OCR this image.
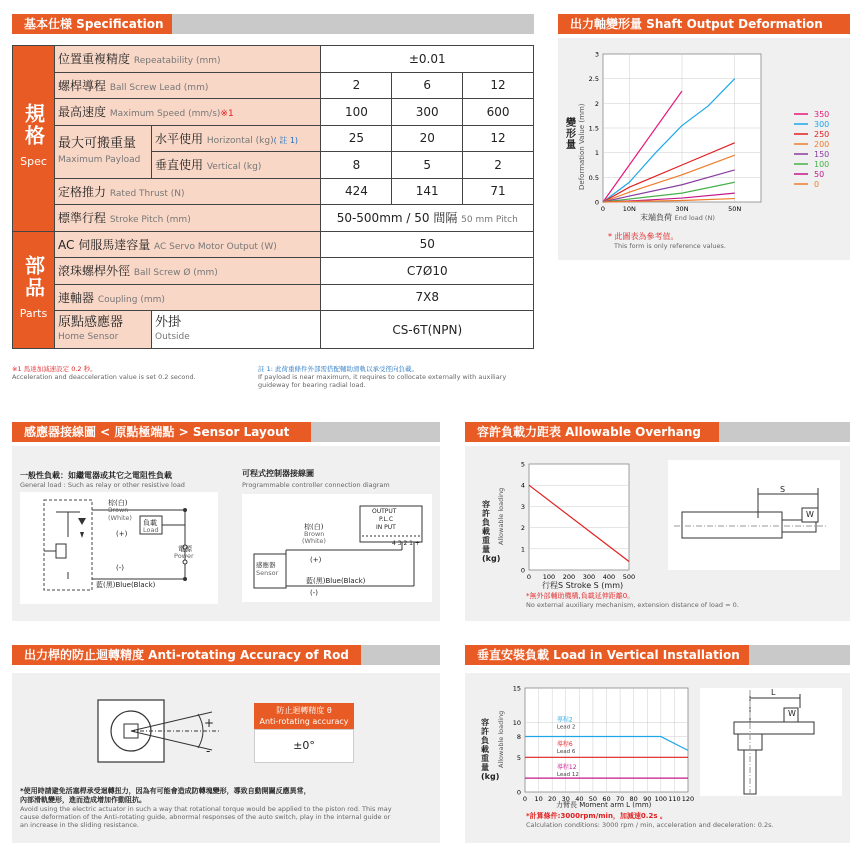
基本仕様 Specification
規格
Spec	位置重複精度 Repeatability (mm)		±0.01		
	螺桿導程 Ball Screw Lead (mm)		2	6	12
	最高速度 Maximum Speed (mm/s)※1		100	300	600
	最大可搬重量
Maximum Payload	水平使用 Horizontal (kg)( 註 1)	25	20	12
		垂直使用 Vertical (kg)	8	5	2
	定格推力 Rated Thrust (N)		424	141	71
	標準行程 Stroke Pitch (mm)		50-500mm / 50 間隔 50 mm Pitch		
部品
Parts	AC 伺服馬達容量 AC Servo Motor Output (W)		50		
	滾珠螺桿外徑 Ball Screw Ø (mm)		C7Ø10		
	連軸器 Coupling (mm)		7X8		
	原點感應器
Home Sensor	外掛
Outside	CS-6T(NPN)		
※1 馬達加減速設定 0.2 秒。
Acceleration and deacceleration value is set 0.2 second.
註 1: 此荷重條件外部需搭配輔助滑軌以承受徑向負載。
If payload is near maximum, it requires to collocate externally with auxiliary
guideway for bearing radial load.
出力軸變形量 Shaft Output Deformation
0
0.5
1
1.5
2
2.5
3
0	10N	30N	50N
350
300
250
200
150
100
50
0
變形量 Deformation Value (mm)
末端負荷 End load (N)
* 此圖表為參考值。
This form is only reference values.
感應器接線圖 < 原點極端點 > Sensor Layout
一般性負載：如繼電器或其它之電阻性負載
General load : Such as relay or other resistive load
可程式控制器接線圖
Programmable controller connection diagram
棕(白)
Brown
(White)
負載
Load
(+)
(-)
電源
Power
藍(黑)Blue(Black)
感應器
Sensor
OUTPUT
P.L.C
IN PUT
4 3 2 1 +
棕(白)
Brown
(White)
(+)
藍(黑)Blue(Black)
(-)
容許負載力距表 Allowable Overhang
0
1
2
3
4
5
0 100 200 300 400 500
容許負載重量(kg)
Allowable loading
行程S Stroke S (mm)
*無外部輔助機構,負載延伸距離0。
No external auxiliary mechanism, extension distance of load = 0.
S
W
出力桿的防止迴轉精度 Anti-rotating Accuracy of Rod
+
-
防止迴轉精度 θ
Anti-rotating accuracy
±0°
*使用時請避免活塞桿承受迴轉扭力，因為有可能會造成防轉塊變形，導致自動開關反應異常，
內部滑軌變形，進而造成增加作動阻抗。
Avoid using the electric actuator in such a way that rotational torque would be applied to the piston rod. This may
cause deformation of the Anti-rotating guide, abnormal responses of the auto switch, play in the internal guide or
an increase in the sliding resistance.
垂直安裝負載 Load in Vertical Installation
0
5
8
10
15
0 10 20 30 40 50 60 70 80 90 100 110 120
導程2
Lead 2
導程6
Lead 6
導程12
Lead 12
容許負載重量(kg)
Allowable loading
力臂長 Moment arm L (mm)
*計算條件:3000rpm/min，加減速0.2s 。
Calculation conditions: 3000 rpm / min, acceleration and deceleration: 0.2s.
L
W
